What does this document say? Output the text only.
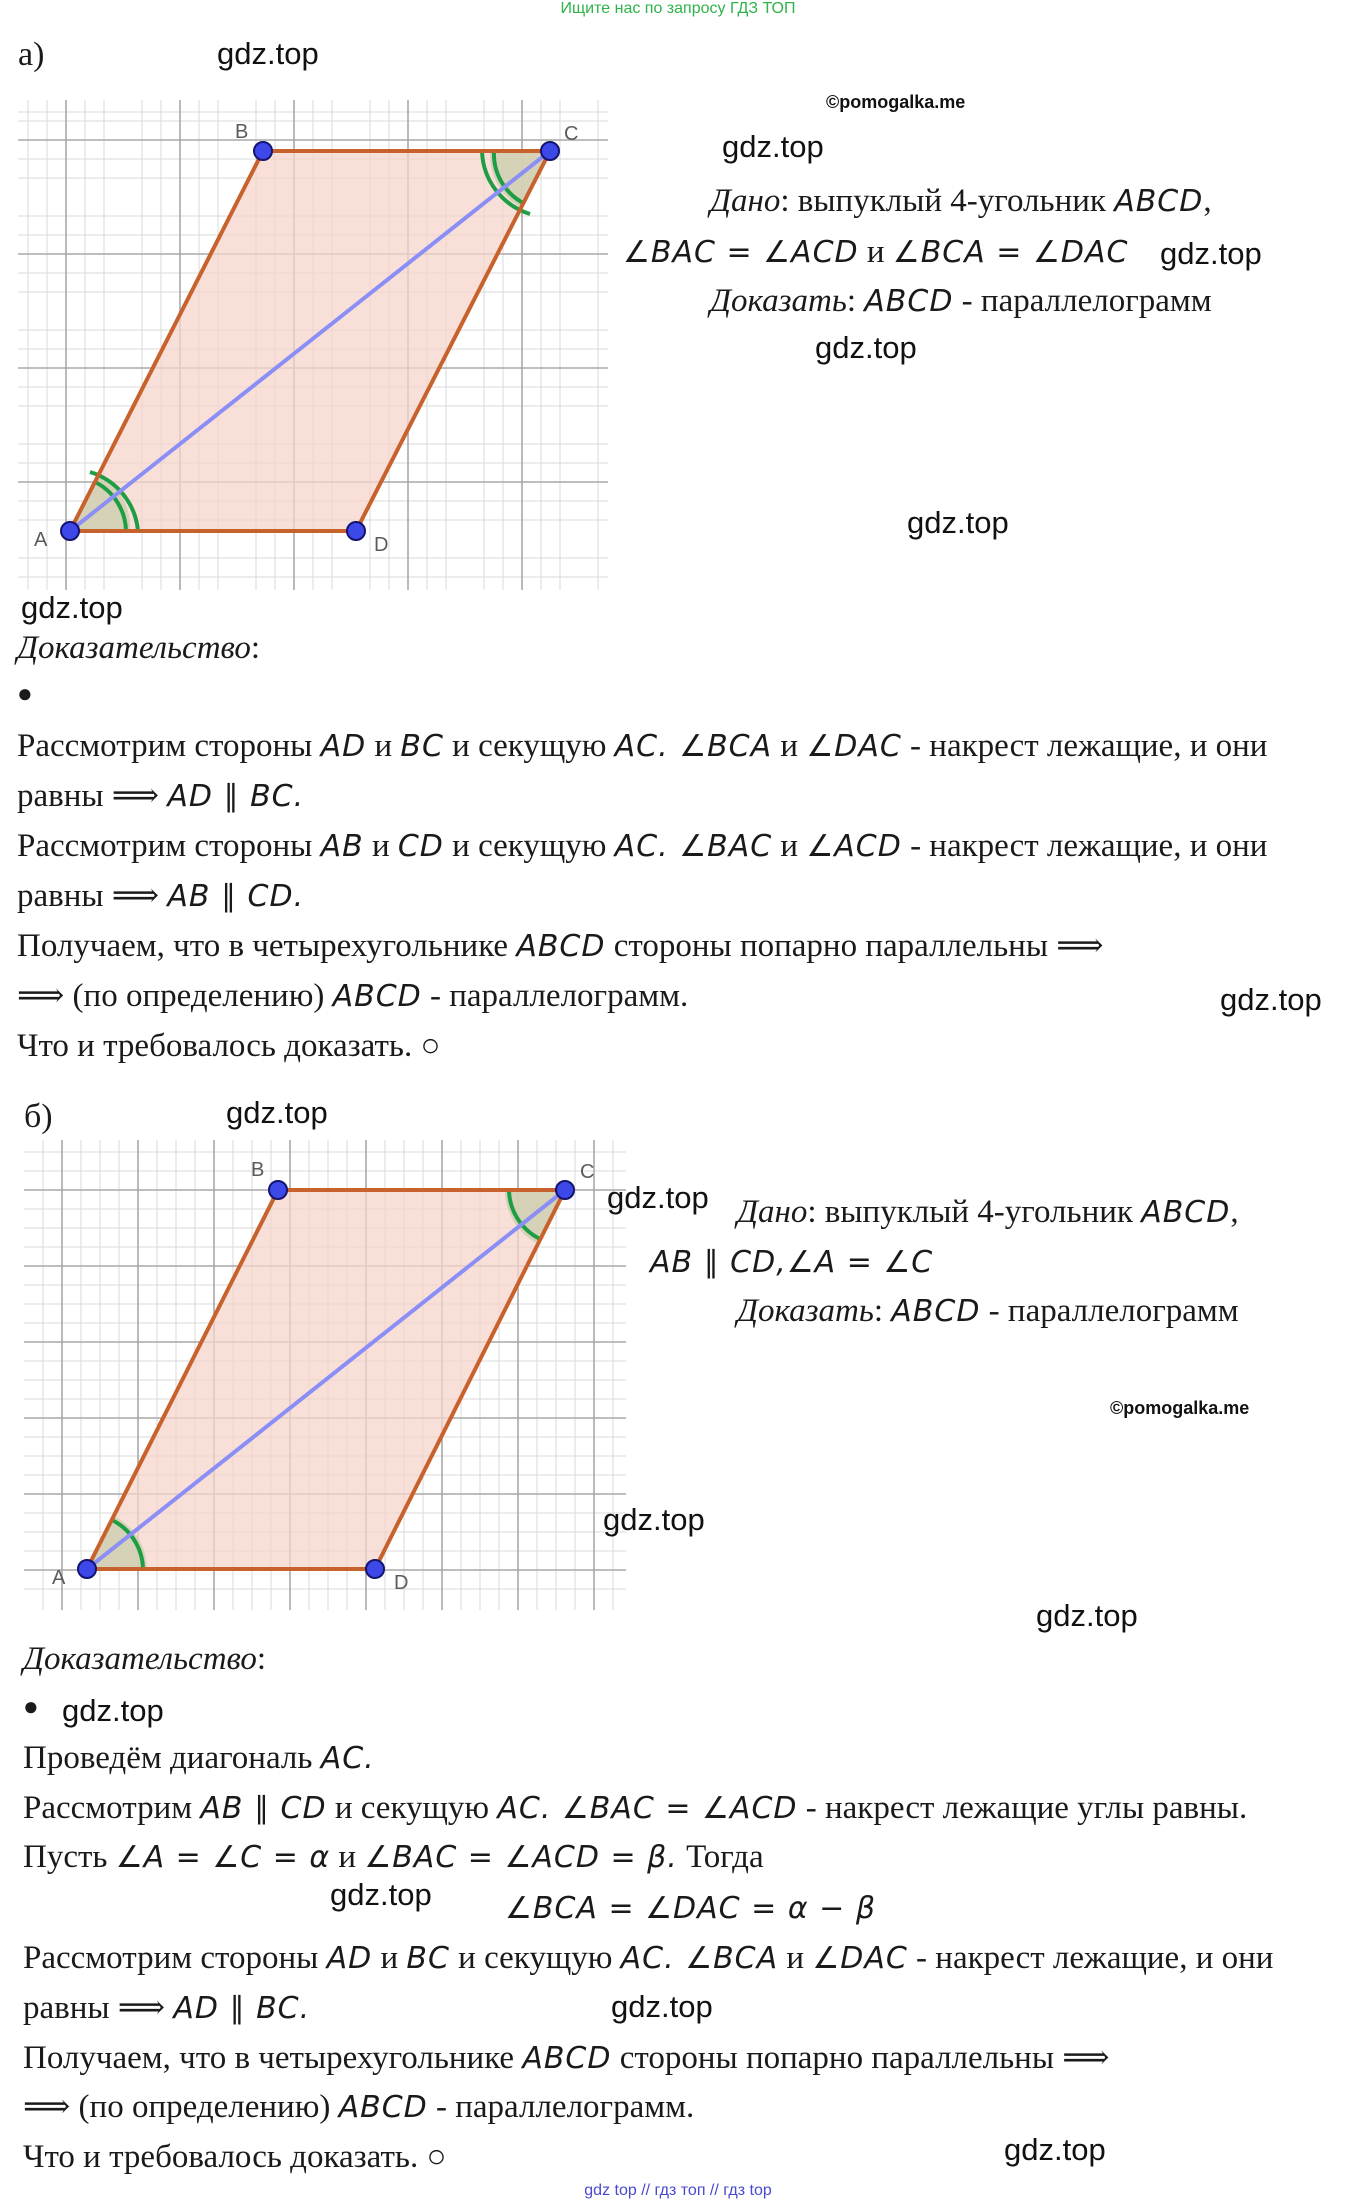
Ищите нас по запросу ГДЗ ТОП
а)
A
B	C
D
©pomogalka.me
Дано: выпуклый 4-угольник ABCD,
∠BAC = ∠ACD и ∠BCA = ∠DAC
Доказать: ABCD - параллелограмм
Доказательство:
●
Рассмотрим стороны AD и BC и секущую AC. ∠BCA и ∠DAC - накрест лежащие, и они
равны ⟹ AD ∥ BC.
Рассмотрим стороны AB и CD и секущую AC. ∠BAC и ∠ACD - накрест лежащие, и они
равны ⟹ AB ∥ CD.
Получаем, что в четырехугольнике ABCD стороны попарно параллельны ⟹
⟹ (по определению) ABCD - параллелограмм.
Что и требовалось доказать. ○
б)
A
B	C
D
Дано: выпуклый 4-угольник ABCD,
AB ∥ CD,∠A = ∠C
Доказать: ABCD - параллелограмм
©pomogalka.me
Доказательство:
●
Проведём диагональ AC.
Рассмотрим AB ∥ CD и секущую AC. ∠BAC = ∠ACD - накрест лежащие углы равны.
Пусть ∠A = ∠C = α и ∠BAC = ∠ACD = β. Тогда
∠BCA = ∠DAC = α − β
Рассмотрим стороны AD и BC и секущую AC. ∠BCA и ∠DAC - накрест лежащие, и они
равны ⟹ AD ∥ BC.
Получаем, что в четырехугольнике ABCD стороны попарно параллельны ⟹
⟹ (по определению) ABCD - параллелограмм.
Что и требовалось доказать. ○
gdz.top
gdz.top
gdz.top
gdz.top
gdz.top
gdz.top
gdz.top
gdz.top
gdz.top
gdz.top
gdz.top
gdz.top
gdz.top
gdz.top
gdz.top
gdz top // гдз топ // гдз top
